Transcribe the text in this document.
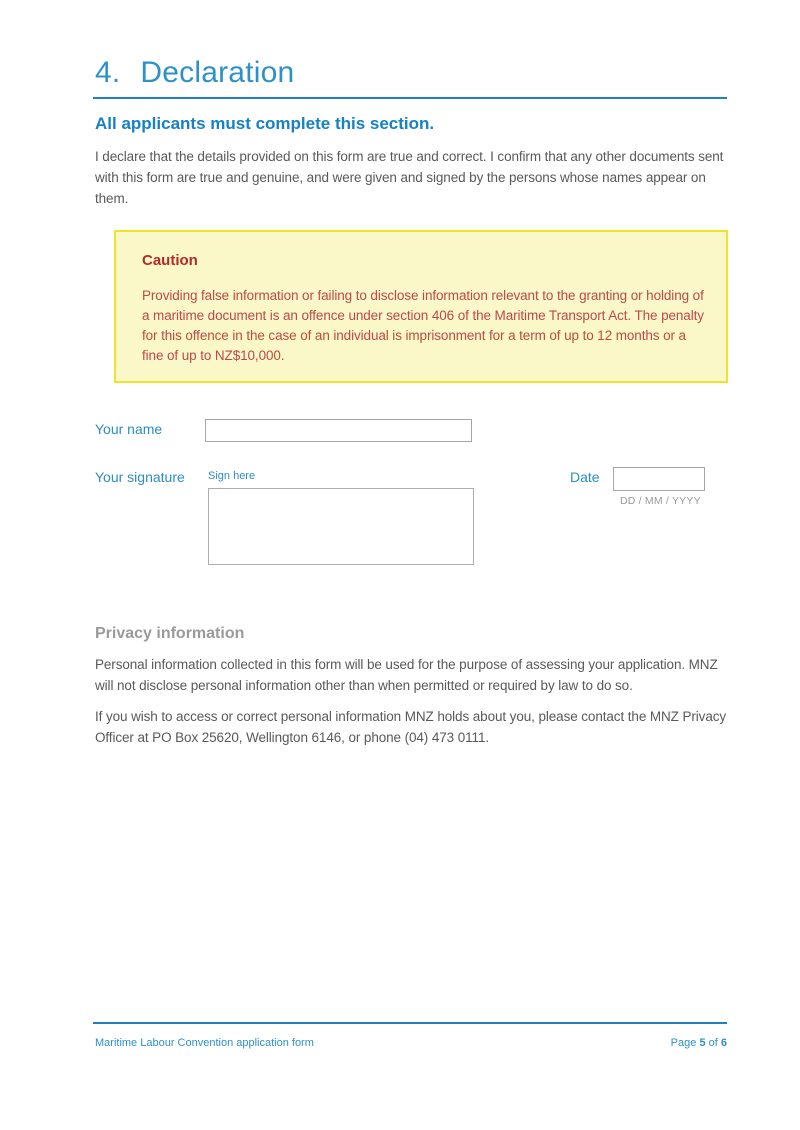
4. Declaration
All applicants must complete this section.

I declare that the details provided on this form are true and correct. I confirm that any other documents sent with this form are true and genuine, and were given and signed by the persons whose names appear on them.

Caution

Providing false information or failing to disclose information relevant to the granting or holding of a maritime document is an offence under section 406 of the Maritime Transport Act. The penalty for this offence in the case of an individual is imprisonment for a term of up to 12 months or a fine of up to NZ$10,000.

Your name
Your signature Sign here	Date
DD / MM / YYYY
Privacy information

Personal information collected in this form will be used for the purpose of assessing your application. MNZ will not disclose personal information other than when permitted or required by law to do so.

If you wish to access or correct personal information MNZ holds about you, please contact the MNZ Privacy Officer at PO Box 25620, Wellington 6146, or phone (04) 473 0111.

Maritime Labour Convention application form	Page 5 of 6
